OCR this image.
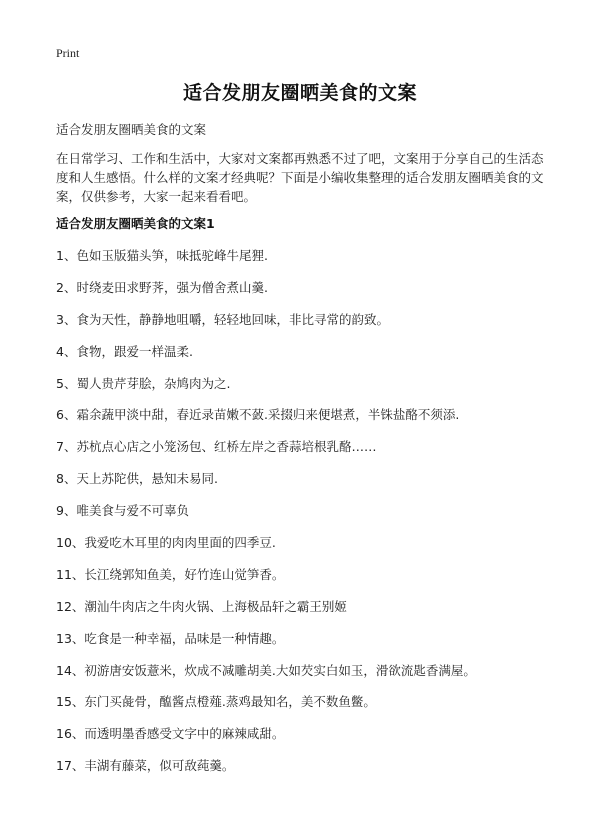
Print
适合发朋友圈晒美食的文案
适合发朋友圈晒美食的文案
在日常学习、工作和生活中，大家对文案都再熟悉不过了吧，文案用于分享自己的生活态度和人生感悟。什么样的文案才经典呢？下面是小编收集整理的适合发朋友圈晒美食的文案，仅供参考，大家一起来看看吧。
适合发朋友圈晒美食的文案1
1、色如玉版猫头笋，味抵驼峰牛尾狸.
2、时绕麦田求野荠，强为僧舍煮山羹.
3、食为天性，静静地咀嚼，轻轻地回味，非比寻常的韵致。
4、食物，跟爱一样温柔.
5、蜀人贵芹芽脍，杂鸠肉为之.
6、霜余蔬甲淡中甜，春近录苗嫩不蔹.采掇归来便堪煮，半铢盐酪不须添.
7、苏杭点心店之小笼汤包、红桥左岸之香蒜培根乳酪……
8、天上苏陀供，悬知未易同.
9、唯美食与爱不可辜负
10、我爱吃木耳里的肉肉里面的四季豆.
11、长江绕郭知鱼美，好竹连山觉笋香。
12、潮汕牛肉店之牛肉火锅、上海极品轩之霸王别姬
13、吃食是一种幸福，品味是一种情趣。
14、初游唐安饭薏米，炊成不减雕胡美.大如芡实白如玉，滑欲流匙香满屋。
15、东门买彘骨，醢酱点橙薤.蒸鸡最知名，美不数鱼鳖。
16、而透明墨香感受文字中的麻辣咸甜。
17、丰湖有藤菜，似可敌莼羹。
